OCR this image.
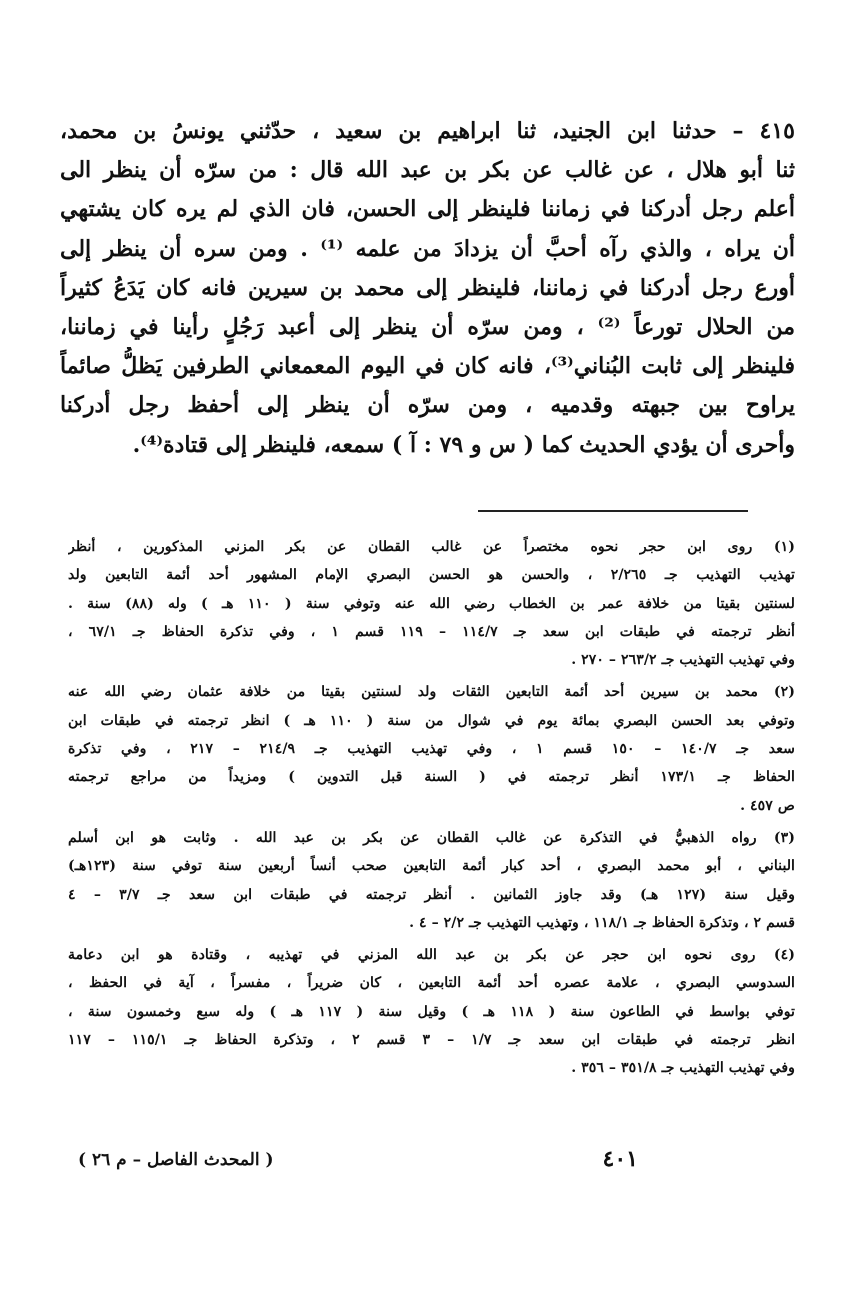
٤١٥ – حدثنا ابن الجنيد، ثنا ابراهيم بن سعيد ، حدّثني يونسُ بن محمد،
ثنا أبو هلال ، عن غالب عن بكر بن عبد الله قال : من سرّه أن ينظر الى
أعلم رجل أدركنا في زماننا فلينظر إلى الحسن، فان الذي لم يره كان يشتهي
أن يراه ، والذي رآه أحبَّ أن يزدادَ من علمه ⁽¹⁾ . ومن سره أن ينظر إلى
أورع رجل أدركنا في زماننا، فلينظر إلى محمد بن سيرين فانه كان يَدَعُ كثيراً
من الحلال تورعاً ⁽²⁾ ، ومن سرّه أن ينظر إلى أعبد رَجُلٍ رأينا في زماننا،
فلينظر إلى ثابت البُناني⁽³⁾، فانه كان في اليوم المعمعاني الطرفين يَظلُّ صائماً
يراوح بين جبهته وقدميه ، ومن سرّه أن ينظر إلى أحفظ رجل أدركنا
وأحرى أن يؤدي الحديث كما ( س و ٧٩ : آ ) سمعه، فلينظر إلى قتادة⁽⁴⁾.
(١) روى ابن حجر نحوه مختصراً عن غالب القطان عن بكر المزني المذكورين ، أنظر
تهذيب التهذيب جـ ٢/٢٦٥ ، والحسن هو الحسن البصري الإمام المشهور أحد أئمة التابعين ولد
لسنتين بقيتا من خلافة عمر بن الخطاب رضي الله عنه وتوفي سنة ( ١١٠ هـ ) وله (٨٨) سنة .
أنظر ترجمته في طبقات ابن سعد جـ ١١٤/٧ – ١١٩ قسم ١ ، وفي تذكرة الحفاظ جـ ٦٧/١ ،
وفي تهذيب التهذيب جـ ٢٦٣/٢ – ٢٧٠ .
(٢) محمد بن سيرين أحد أئمة التابعين الثقات ولد لسنتين بقيتا من خلافة عثمان رضي الله عنه
وتوفي بعد الحسن البصري بمائة يوم في شوال من سنة ( ١١٠ هـ ) انظر ترجمته في طبقات ابن
سعد جـ ١٤٠/٧ – ١٥٠ قسم ١ ، وفي تهذيب التهذيب جـ ٢١٤/٩ – ٢١٧ ، وفي تذكرة
الحفاظ جـ ١٧٣/١ أنظر ترجمته في ( السنة قبل التدوين ) ومزيداً من مراجع ترجمته
ص ٤٥٧ .
(٣) رواه الذهبيُّ في التذكرة عن غالب القطان عن بكر بن عبد الله . وثابت هو ابن أسلم
البناني ، أبو محمد البصري ، أحد كبار أئمة التابعين صحب أنساً أربعين سنة توفي سنة (١٢٣هـ)
وقيل سنة (١٢٧ هـ) وقد جاوز الثمانين . أنظر ترجمته في طبقات ابن سعد جـ ٣/٧ – ٤
قسم ٢ ، وتذكرة الحفاظ جـ ١١٨/١ ، وتهذيب التهذيب جـ ٢/٢ – ٤ .
(٤) روى نحوه ابن حجر عن بكر بن عبد الله المزني في تهذيبه ، وقتادة هو ابن دعامة
السدوسي البصري ، علامة عصره أحد أئمة التابعين ، كان ضريراً ، مفسراً ، آية في الحفظ ،
توفي بواسط في الطاعون سنة ( ١١٨ هـ ) وقيل سنة ( ١١٧ هـ ) وله سبع وخمسون سنة ،
انظر ترجمته في طبقات ابن سعد جـ ١/٧ – ٣ قسم ٢ ، وتذكرة الحفاظ جـ ١١٥/١ – ١١٧
وفي تهذيب التهذيب جـ ٣٥١/٨ – ٣٥٦ .
٤٠١
( المحدث الفاصل – م ٢٦ )
